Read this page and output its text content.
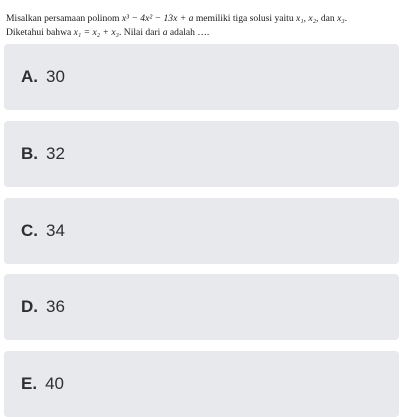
Misalkan persamaan polinom x³ − 4x² − 13x + a memiliki tiga solusi yaitu x₁, x₂, dan x₃.
Diketahui bahwa x₁ = x₂ + x₃. Nilai dari a adalah ….
A. 30
B. 32
C. 34
D. 36
E. 40
